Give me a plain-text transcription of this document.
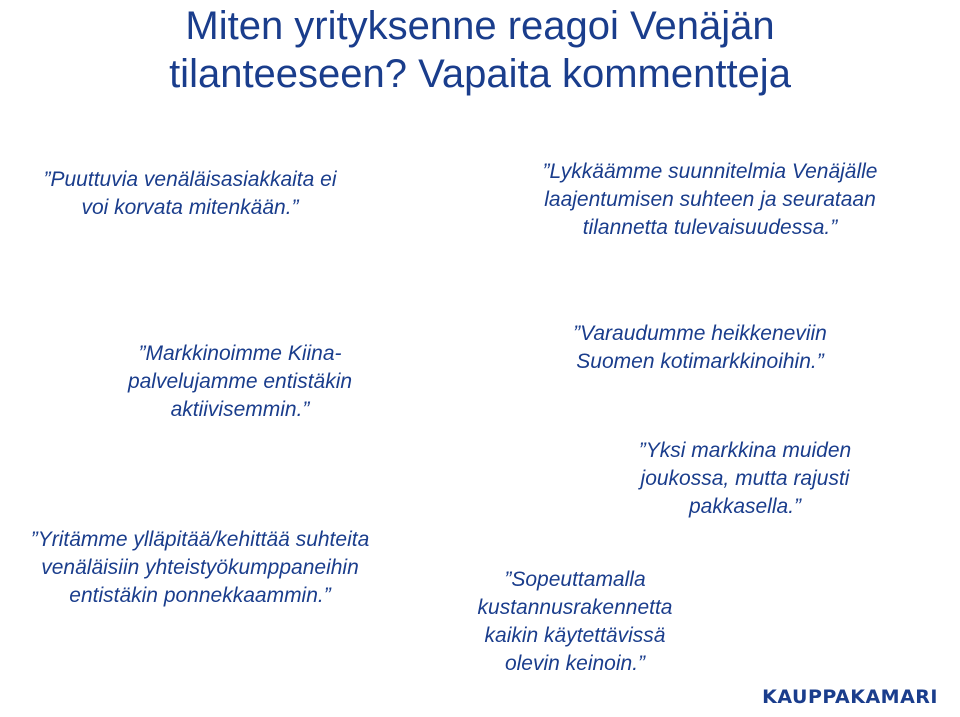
Miten yrityksenne reagoi Venäjän
tilanteeseen? Vapaita kommentteja

”Puuttuvia venäläisasiakkaita ei
voi korvata mitenkään.”

”Lykkäämme suunnitelmia Venäjälle
laajentumisen suhteen ja seurataan
tilannetta tulevaisuudessa.”

”Markkinoimme Kiina-
palvelujamme entistäkin
aktiivisemmin.”

”Varaudumme heikkeneviin
Suomen kotimarkkinoihin.”

”Yksi markkina muiden
joukossa, mutta rajusti
pakkasella.”

”Yritämme ylläpitää/kehittää suhteita
venäläisiin yhteistyökumppaneihin
entistäkin ponnekkaammin.”

”Sopeuttamalla
kustannusrakennetta
kaikin käytettävissä
olevin keinoin.”

KAUPPAKAMARI
